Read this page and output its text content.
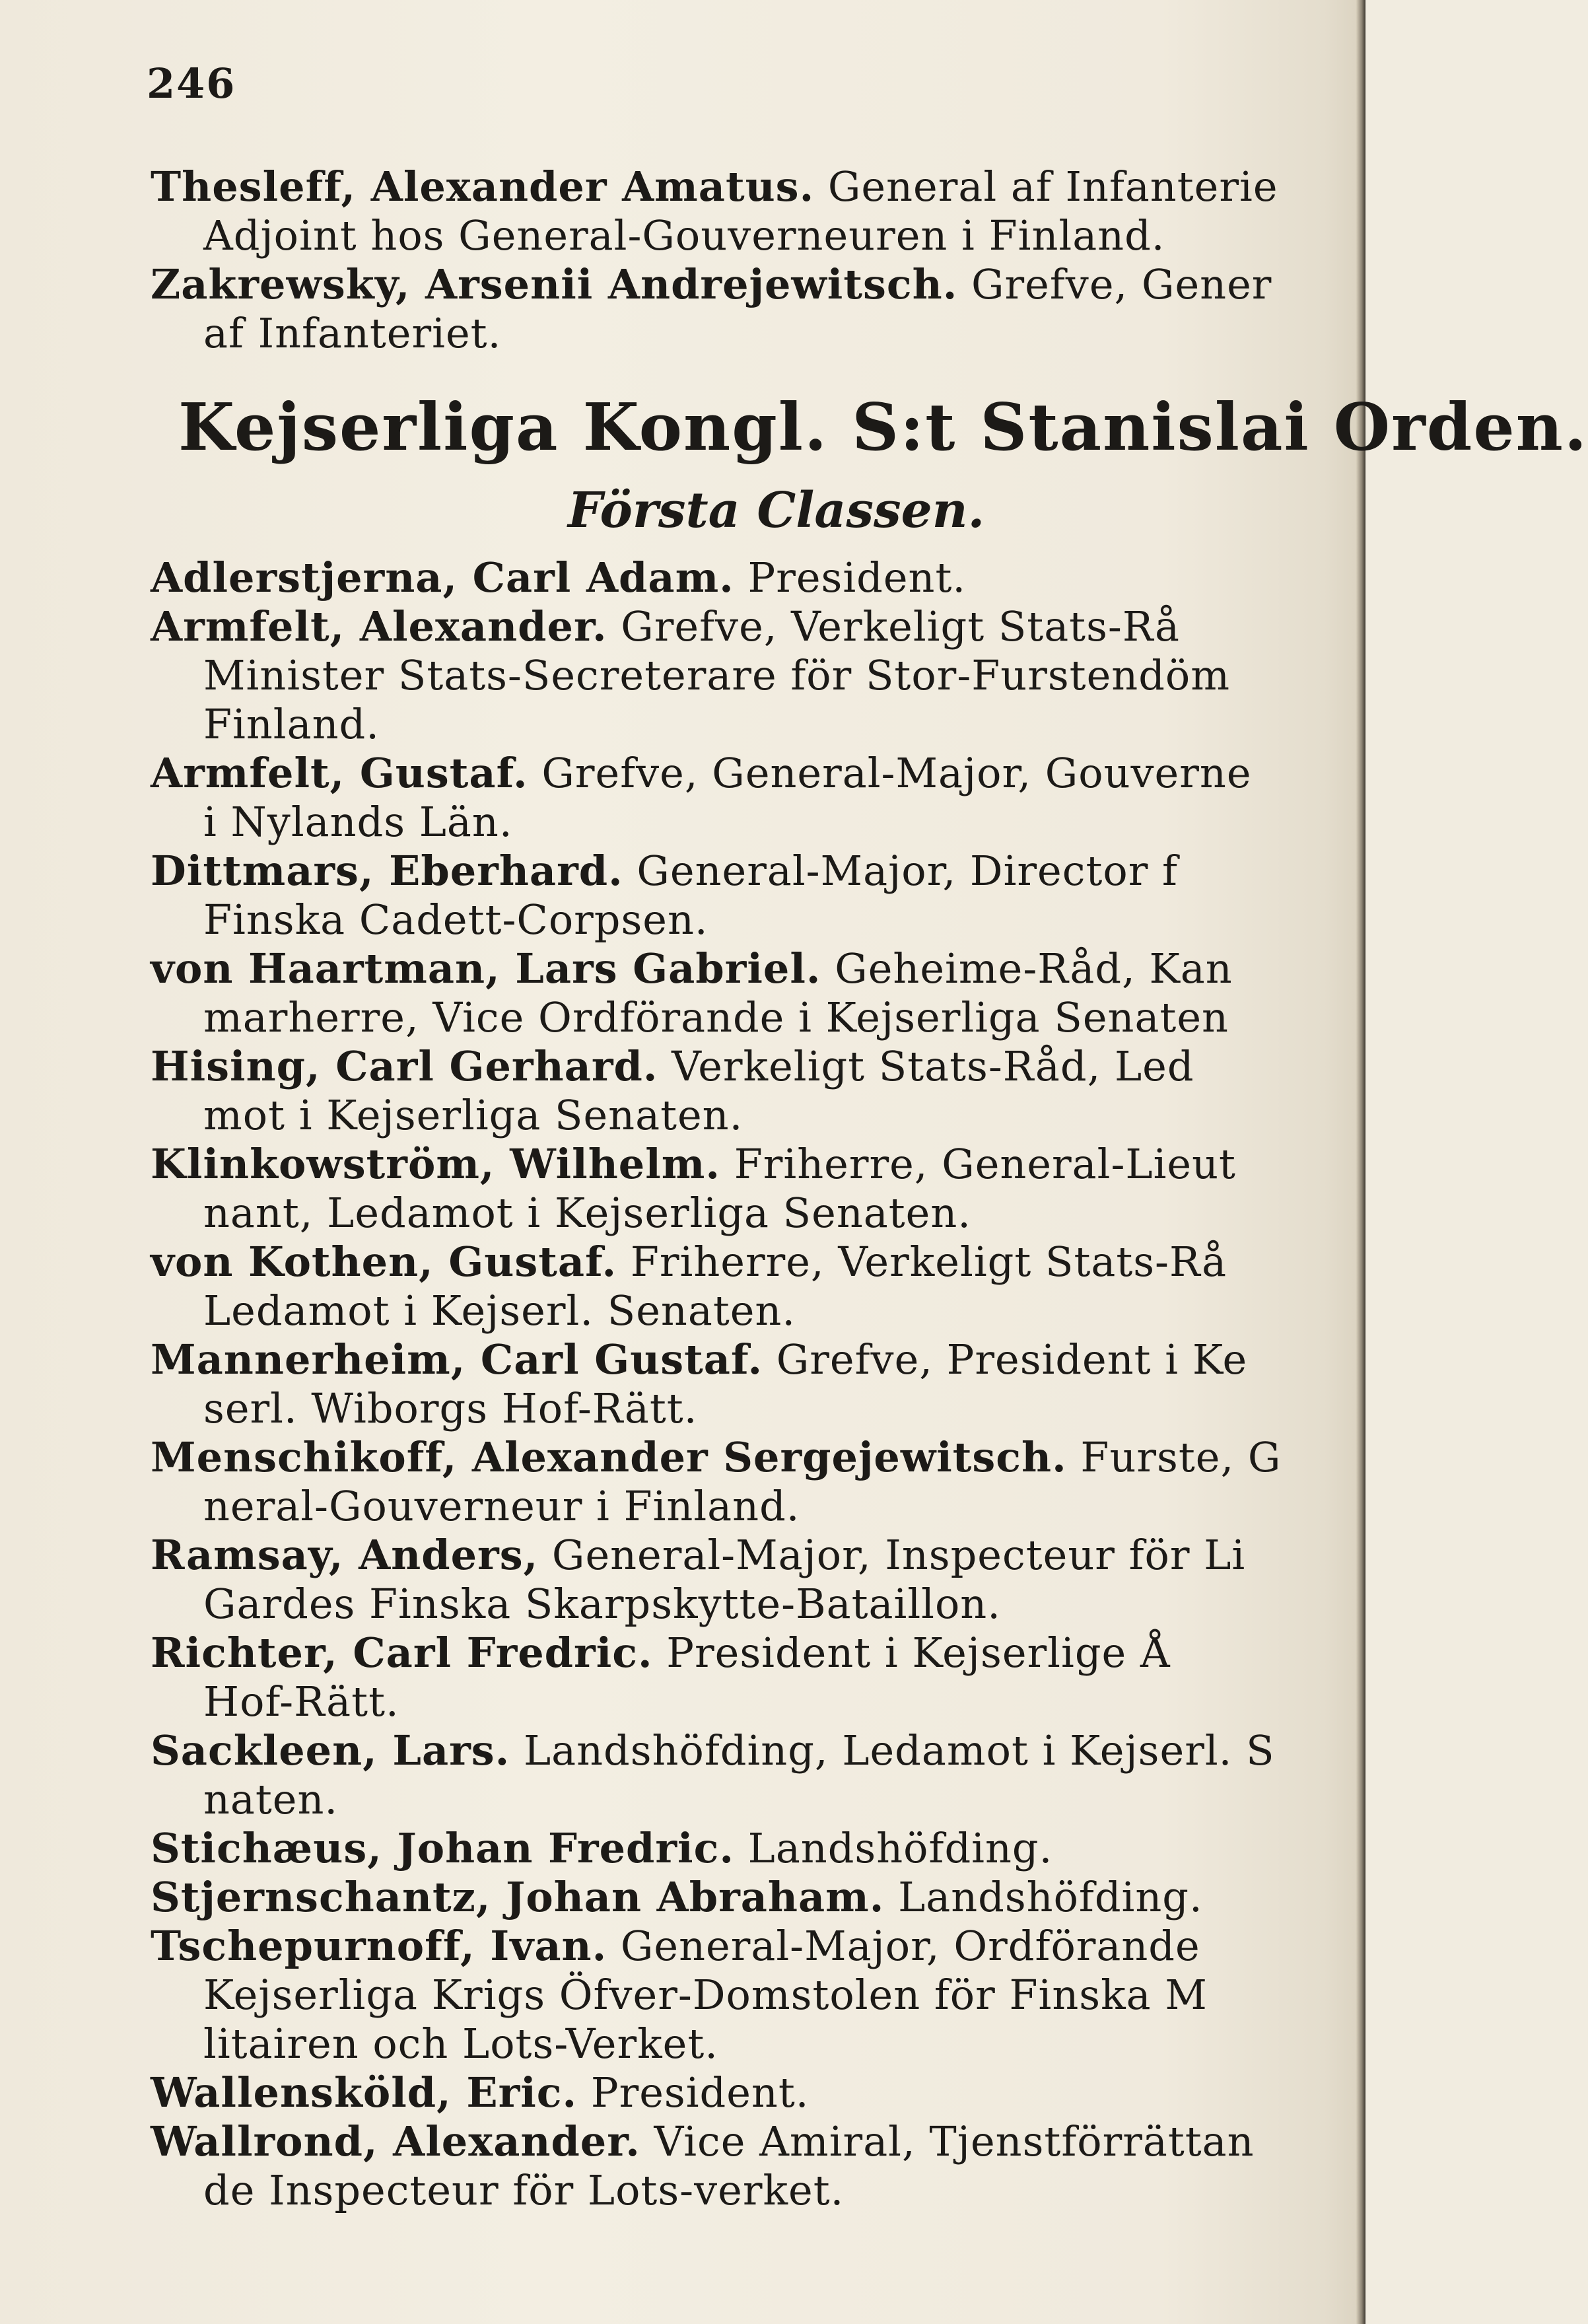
246
Thesleff, Alexander Amatus. General af Infanterie
Adjoint hos General-Gouverneuren i Finland.
Zakrewsky, Arsenii Andrejewitsch. Grefve, Gener
af Infanteriet.
Kejserliga Kongl. S:t Stanislai Orden.
Första Classen.
Adlerstjerna, Carl Adam. President.
Armfelt, Alexander. Grefve, Verkeligt Stats-Rå
Minister Stats-Secreterare för Stor-Furstendöm
Finland.
Armfelt, Gustaf. Grefve, General-Major, Gouverne
i Nylands Län.
Dittmars, Eberhard. General-Major, Director f
Finska Cadett-Corpsen.
von Haartman, Lars Gabriel. Geheime-Råd, Kan
marherre, Vice Ordförande i Kejserliga Senaten
Hising, Carl Gerhard. Verkeligt Stats-Råd, Led
mot i Kejserliga Senaten.
Klinkowström, Wilhelm. Friherre, General-Lieut
nant, Ledamot i Kejserliga Senaten.
von Kothen, Gustaf. Friherre, Verkeligt Stats-Rå
Ledamot i Kejserl. Senaten.
Mannerheim, Carl Gustaf. Grefve, President i Ke
serl. Wiborgs Hof-Rätt.
Menschikoff, Alexander Sergejewitsch. Furste, G
neral-Gouverneur i Finland.
Ramsay, Anders, General-Major, Inspecteur för Li
Gardes Finska Skarpskytte-Bataillon.
Richter, Carl Fredric. President i Kejserlige Å
Hof-Rätt.
Sackleen, Lars. Landshöfding, Ledamot i Kejserl. S
naten.
Stichæus, Johan Fredric. Landshöfding.
Stjernschantz, Johan Abraham. Landshöfding.
Tschepurnoff, Ivan. General-Major, Ordförande
Kejserliga Krigs Öfver-Domstolen för Finska M
litairen och Lots-Verket.
Wallensköld, Eric. President.
Wallrond, Alexander. Vice Amiral, Tjenstförrättan
de Inspecteur för Lots-verket.
